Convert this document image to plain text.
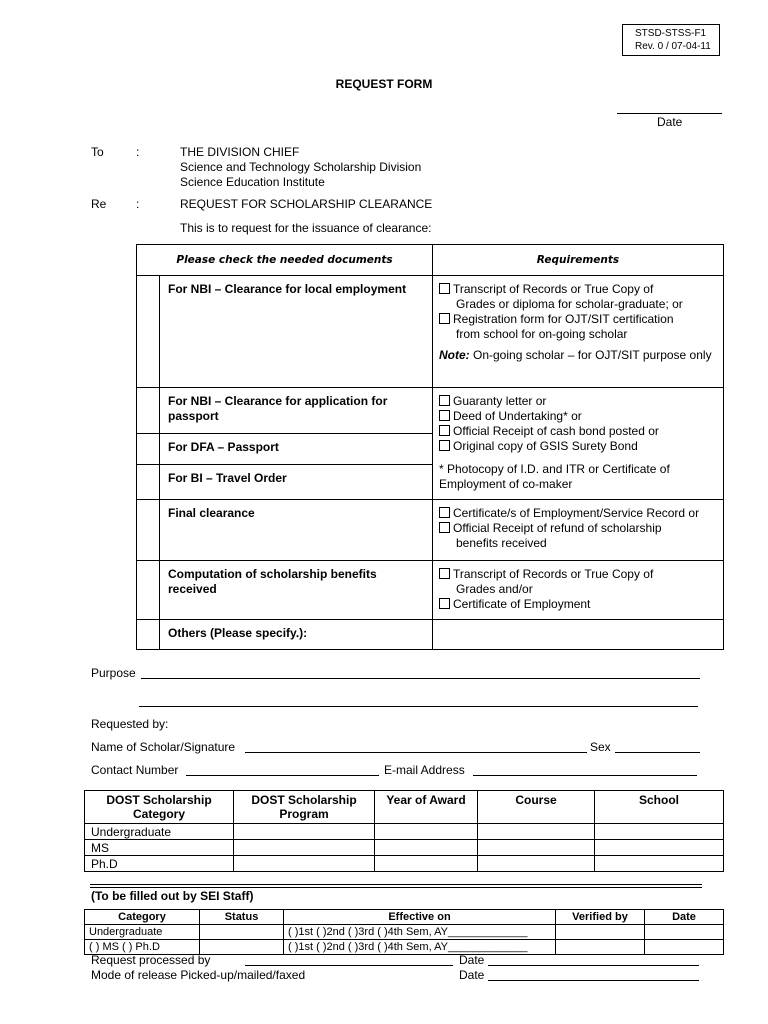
STSD-STSS-F1
Rev. 0 / 07-04-11
REQUEST FORM
Date
To	:	THE DIVISION CHIEF
Science and Technology Scholarship Division
Science Education Institute
Re :	REQUEST FOR SCHOLARSHIP CLEARANCE
This is to request for the issuance of clearance:
Please check the needed documents		Requirements
	For NBI – Clearance for local employment	Transcript of Records or True Copy of
Grades or diploma for scholar-graduate; or
Registration form for OJT/SIT certification
from school for on-going scholar
Note: On-going scholar – for OJT/SIT purpose only

	For NBI – Clearance for application for passport	Guaranty letter or
Deed of Undertaking* or
Official Receipt of cash bond posted or
Original copy of GSIS Surety Bond
* Photocopy of I.D. and ITR or Certificate of Employment of co-maker

	For DFA – Passport	
	For BI – Travel Order	
	Final clearance	Certificate/s of Employment/Service Record or
Official Receipt of refund of scholarship
benefits received

	Computation of scholarship benefits received	Transcript of Records or True Copy of
Grades and/or
Certificate of Employment

	Others (Please specify.):	
Purpose
Requested by:
Name of Scholar/Signature	Sex
Contact Number	E-mail Address
DOST Scholarship Category	DOST Scholarship Program	Year of Award	Course	School
Undergraduate				
MS				
Ph.D				
(To be filled out by SEI Staff)
Category	Status	Effective on	Verified by	Date
Undergraduate		( )1st ( )2nd ( )3rd ( )4th Sem, AY_____________		
( ) MS ( ) Ph.D		( )1st ( )2nd ( )3rd ( )4th Sem, AY_____________		
Request processed by	Date
Mode of release Picked-up/mailed/faxed	Date
